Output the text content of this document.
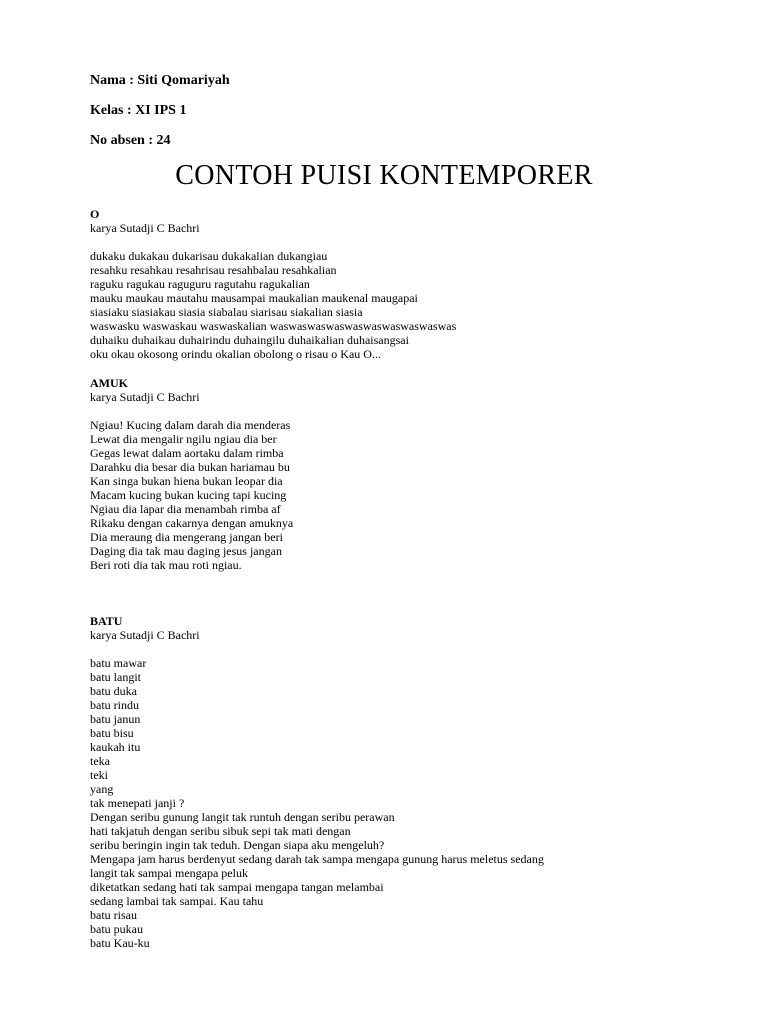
Nama : Siti Qomariyah
Kelas : XI IPS 1
No absen : 24
CONTOH PUISI KONTEMPORER
O
karya Sutadji C Bachri
dukaku dukakau dukarisau dukakalian dukangiau
resahku resahkau resahrisau resahbalau resahkalian
raguku ragukau raguguru ragutahu ragukalian
mauku maukau mautahu mausampai maukalian maukenal maugapai
siasiaku siasiakau siasia siabalau siarisau siakalian siasia
waswasku waswaskau waswaskalian waswaswaswaswaswaswaswaswaswas
duhaiku duhaikau duhairindu duhaingilu duhaikalian duhaisangsai
oku okau okosong orindu okalian obolong o risau o Kau O...
AMUK
karya Sutadji C Bachri
Ngiau! Kucing dalam darah dia menderas
Lewat dia mengalir ngilu ngiau dia ber
Gegas lewat dalam aortaku dalam rimba
Darahku dia besar dia bukan hariamau bu
Kan singa bukan hiena bukan leopar dia
Macam kucing bukan kucing tapi kucing
Ngiau dia lapar dia menambah rimba af
Rikaku dengan cakarnya dengan amuknya
Dia meraung dia mengerang jangan beri
Daging dia tak mau daging jesus jangan
Beri roti dia tak mau roti ngiau.
BATU
karya Sutadji C Bachri
batu mawar
batu langit
batu duka
batu rindu
batu janun
batu bisu
kaukah itu
teka
teki
yang
tak menepati janji ?
Dengan seribu gunung langit tak runtuh dengan seribu perawan
hati takjatuh dengan seribu sibuk sepi tak mati dengan
seribu beringin ingin tak teduh. Dengan siapa aku mengeluh?
Mengapa jam harus berdenyut sedang darah tak sampa mengapa gunung harus meletus sedang
langit tak sampai mengapa peluk
diketatkan sedang hati tak sampai mengapa tangan melambai
sedang lambai tak sampai. Kau tahu
batu risau
batu pukau
batu Kau-ku
